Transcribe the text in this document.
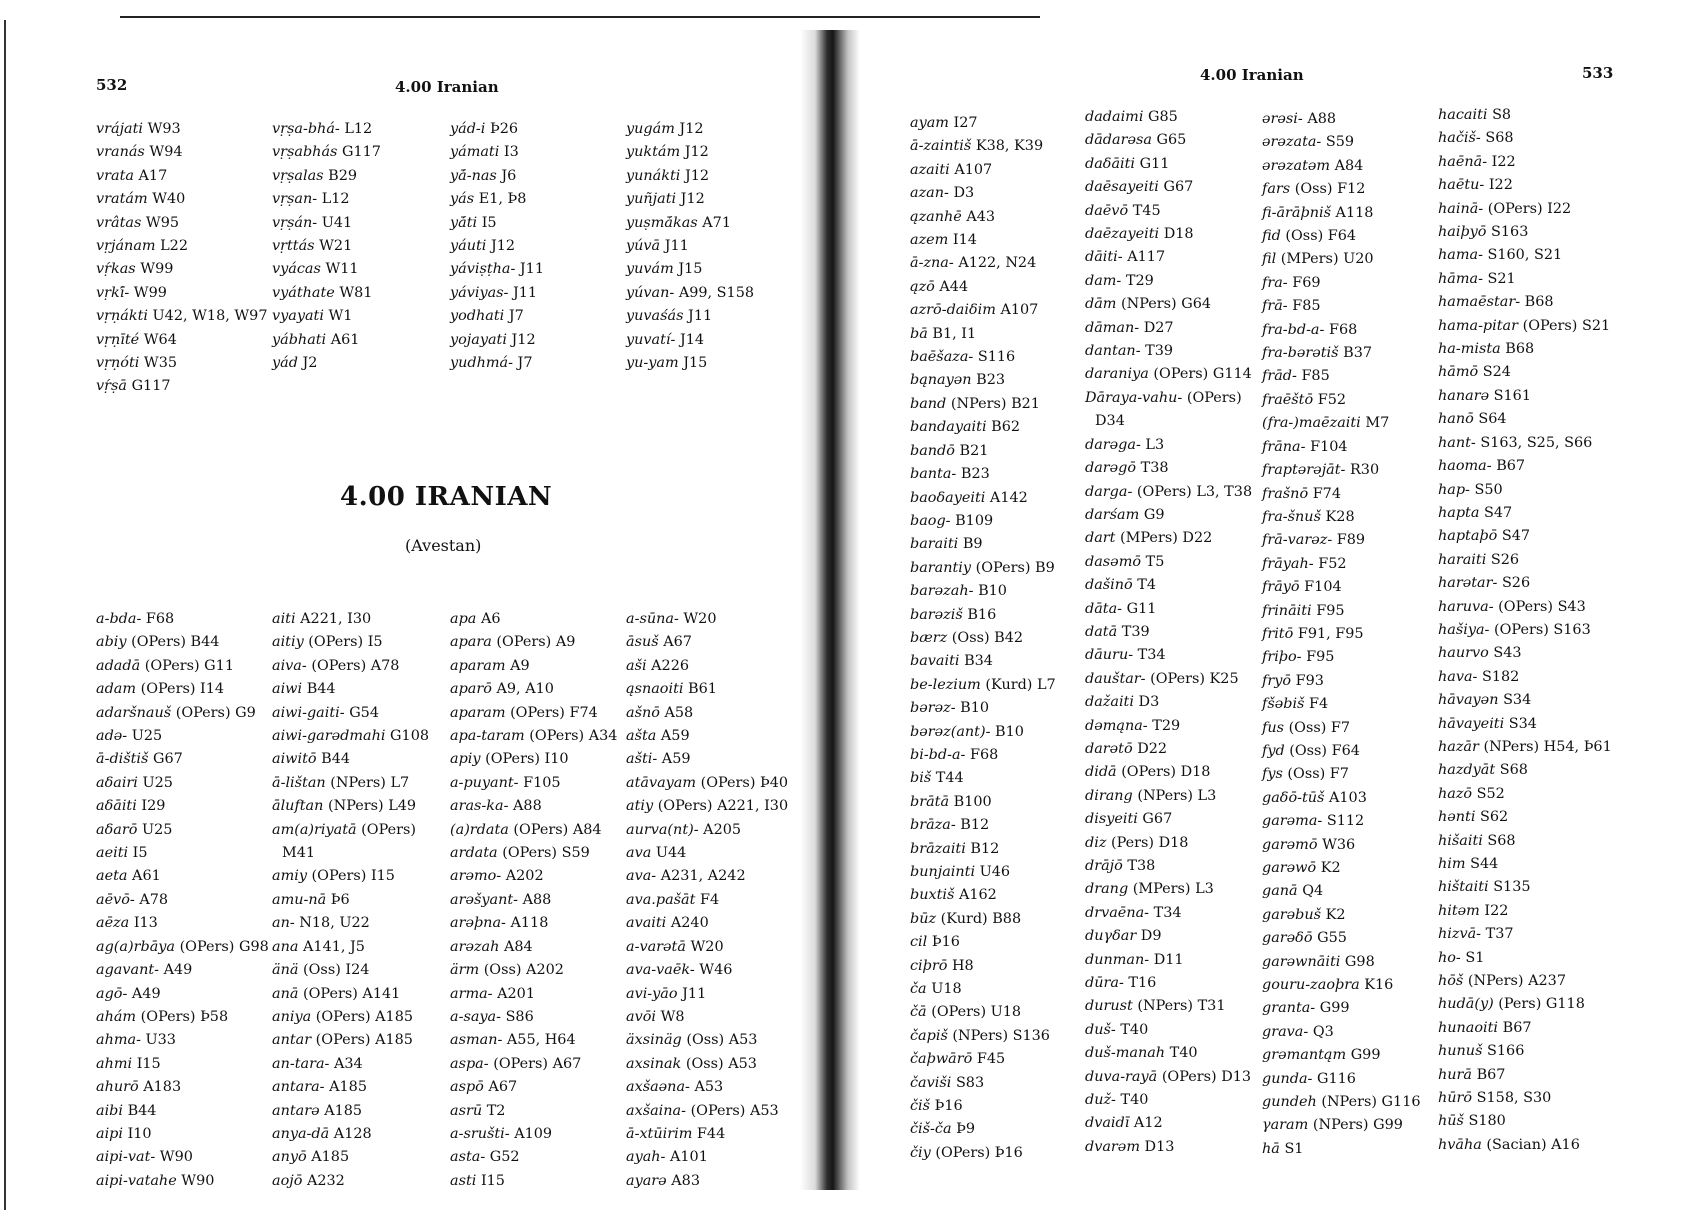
532	4.00 Iranian
vrájati W93
vranás W94
vrata A17
vratám W40
vrâtas W95
vṛjánam L22
vṛ́kas W99
vṛkī́- W99
vṛṇákti U42, W18, W97
vṛṇīté W64
vṛṇóti W35
vṛ́ṣā G117
vṛṣa-bhá- L12
vṛṣabhás G117
vṛṣalas B29
vṛṣan- L12
vṛṣán- U41
vṛttás W21
vyácas W11
vyáthate W81
vyayati W1
yábhati A61
yád J2
yád-i Þ26
yámati I3
yā́-nas J6
yás E1, Þ8
yā́ti I5
yáuti J12
yáviṣṭha- J11
yáviyas- J11
yodhati J7
yojayati J12
yudhmá- J7
yugám J12
yuktám J12
yunákti J12
yuñjati J12
yuṣmā́kas A71
yúvā J11
yuvám J15
yúvan- A99, S158
yuvaśás J11
yuvatí- J14
yu-yam J15
4.00 IRANIAN
(Avestan)
a-bda- F68
abiy (OPers) B44
adadā (OPers) G11
adam (OPers) I14
adaršnauš (OPers) G9
adə- U25
ā-dištiš G67
aδairi U25
aδāiti I29
aδarō U25
aeiti I5
aeta A61
aēvō- A78
aēza I13
ag(a)rbāya (OPers) G98
agavant- A49
agō- A49
ahám (OPers) Þ58
ahma- U33
ahmi I15
ahurō A183
aibi B44
aipi I10
aipi-vat- W90
aipi-vatahe W90
aiti A221, I30
aitiy (OPers) I5
aiva- (OPers) A78
aiwi B44
aiwi-gaiti- G54
aiwi-garədmahi G108
aiwitō B44
ā-lištan (NPers) L7
āluftan (NPers) L49
am(a)riyatā (OPers)
M41
amiy (OPers) I15
amu-nā Þ6
an- N18, U22
ana A141, J5
änä (Oss) I24
anā (OPers) A141
aniya (OPers) A185
antar (OPers) A185
an-tara- A34
antara- A185
antarə A185
anya-dā A128
anyō A185
aojō A232
apa A6
apara (OPers) A9
aparam A9
aparō A9, A10
aparam (OPers) F74
apa-taram (OPers) A34
apiy (OPers) I10
a-puyant- F105
aras-ka- A88
(a)rdata (OPers) A84
ardata (OPers) S59
arəmo- A202
arəšyant- A88
arəþna- A118
arəzah A84
ärm (Oss) A202
arma- A201
a-saya- S86
asman- A55, H64
aspa- (OPers) A67
aspō A67
asrū T2
a-srušti- A109
asta- G52
asti I15
a-sūna- W20
āsuš A67
aši A226
ąsnaoiti B61
ašnō A58
ašta A59
ašti- A59
atāvayam (OPers) Þ40
atiy (OPers) A221, I30
aurva(nt)- A205
ava U44
ava- A231, A242
ava.pašāt F4
avaiti A240
a-varətā W20
ava-vaēk- W46
avi-yāo J11
avōi W8
äxsinäg (Oss) A53
axsinak (Oss) A53
axšaəna- A53
axšaina- (OPers) A53
ā-xtūirim F44
ayah- A101
ayarə A83
4.00 Iranian	533
ayam I27
ā-zaintiš K38, K39
azaiti A107
azan- D3
ązanhē A43
azem I14
ā-zna- A122, N24
ązō A44
azrō-daiδim A107
bā B1, I1
baēšaza- S116
bąnayən B23
band (NPers) B21
bandayaiti B62
bandō B21
banta- B23
baoδayeiti A142
baog- B109
baraiti B9
barantiy (OPers) B9
barəzah- B10
barəziš B16
bærz (Oss) B42
bavaiti B34
be-lezium (Kurd) L7
bərəz- B10
bərəz(ant)- B10
bi-bd-a- F68
biš T44
brātā B100
brāza- B12
brāzaiti B12
bunjainti U46
buxtiš A162
būz (Kurd) B88
cil Þ16
ciþrō H8
ča U18
čā (OPers) U18
čapiš (NPers) S136
čaþwārō F45
čaviši S83
čiš Þ16
čiš-ča Þ9
čiy (OPers) Þ16
dadaimi G85
dādarəsa G65
daδāiti G11
daēsayeiti G67
daēvō T45
daēzayeiti D18
dāiti- A117
dam- T29
dām (NPers) G64
dāman- D27
dantan- T39
daraniya (OPers) G114
Dāraya-vahu- (OPers)
D34
darəga- L3
darəgō T38
darga- (OPers) L3, T38
darśam G9
dart (MPers) D22
dasəmō T5
dašinō T4
dāta- G11
datā T39
dāuru- T34
dauštar- (OPers) K25
dažaiti D3
dəmąna- T29
darətō D22
didā (OPers) D18
dirang (NPers) L3
disyeiti G67
diz (Pers) D18
drājō T38
drang (MPers) L3
drvaēna- T34
duγδar D9
dunman- D11
dūra- T16
durust (NPers) T31
duš- T40
duš-manah T40
duva-rayā (OPers) D13
duž- T40
dvaidī A12
dvarəm D13
ərəsi- A88
ərəzata- S59
ərəzatəm A84
fars (Oss) F12
fi-ārāþniš A118
fid (Oss) F64
fil (MPers) U20
fra- F69
frā- F85
fra-bd-a- F68
fra-bərətiš B37
frād- F85
fraēštō F52
(fra-)maēzaiti M7
frāna- F104
fraptərəjāt- R30
frašnō F74
fra-šnuš K28
frā-varəz- F89
frāyah- F52
frāyō F104
frināiti F95
fritō F91, F95
friþo- F95
fryō F93
fšəbiš F4
fus (Oss) F7
fyd (Oss) F64
fys (Oss) F7
gaδō-tūš A103
garəma- S112
garəmō W36
garəwō K2
ganā Q4
garəbuš K2
garəδō G55
garəwnāiti G98
gouru-zaoþra K16
granta- G99
grava- Q3
grəmantąm G99
gunda- G116
gundeh (NPers) G116
γaram (NPers) G99
hā S1
hacaiti S8
hačiš- S68
haēnā- I22
haētu- I22
hainā- (OPers) I22
haiþyō S163
hama- S160, S21
hāma- S21
hamaēstar- B68
hama-pitar (OPers) S21
ha-mista B68
hāmō S24
hanarə S161
hanō S64
hant- S163, S25, S66
haoma- B67
hap- S50
hapta S47
haptaþō S47
haraiti S26
harətar- S26
haruva- (OPers) S43
hašiya- (OPers) S163
haurvo S43
hava- S182
hāvayən S34
hāvayeiti S34
hazār (NPers) H54, Þ61
hazdyāt S68
hazō S52
hənti S62
hišaiti S68
him S44
hištaiti S135
hitəm I22
hizvā- T37
ho- S1
hōš (NPers) A237
hudā(y) (Pers) G118
hunaoiti B67
hunuš S166
hurā B67
hūrō S158, S30
hūš S180
hvāha (Sacian) A16
